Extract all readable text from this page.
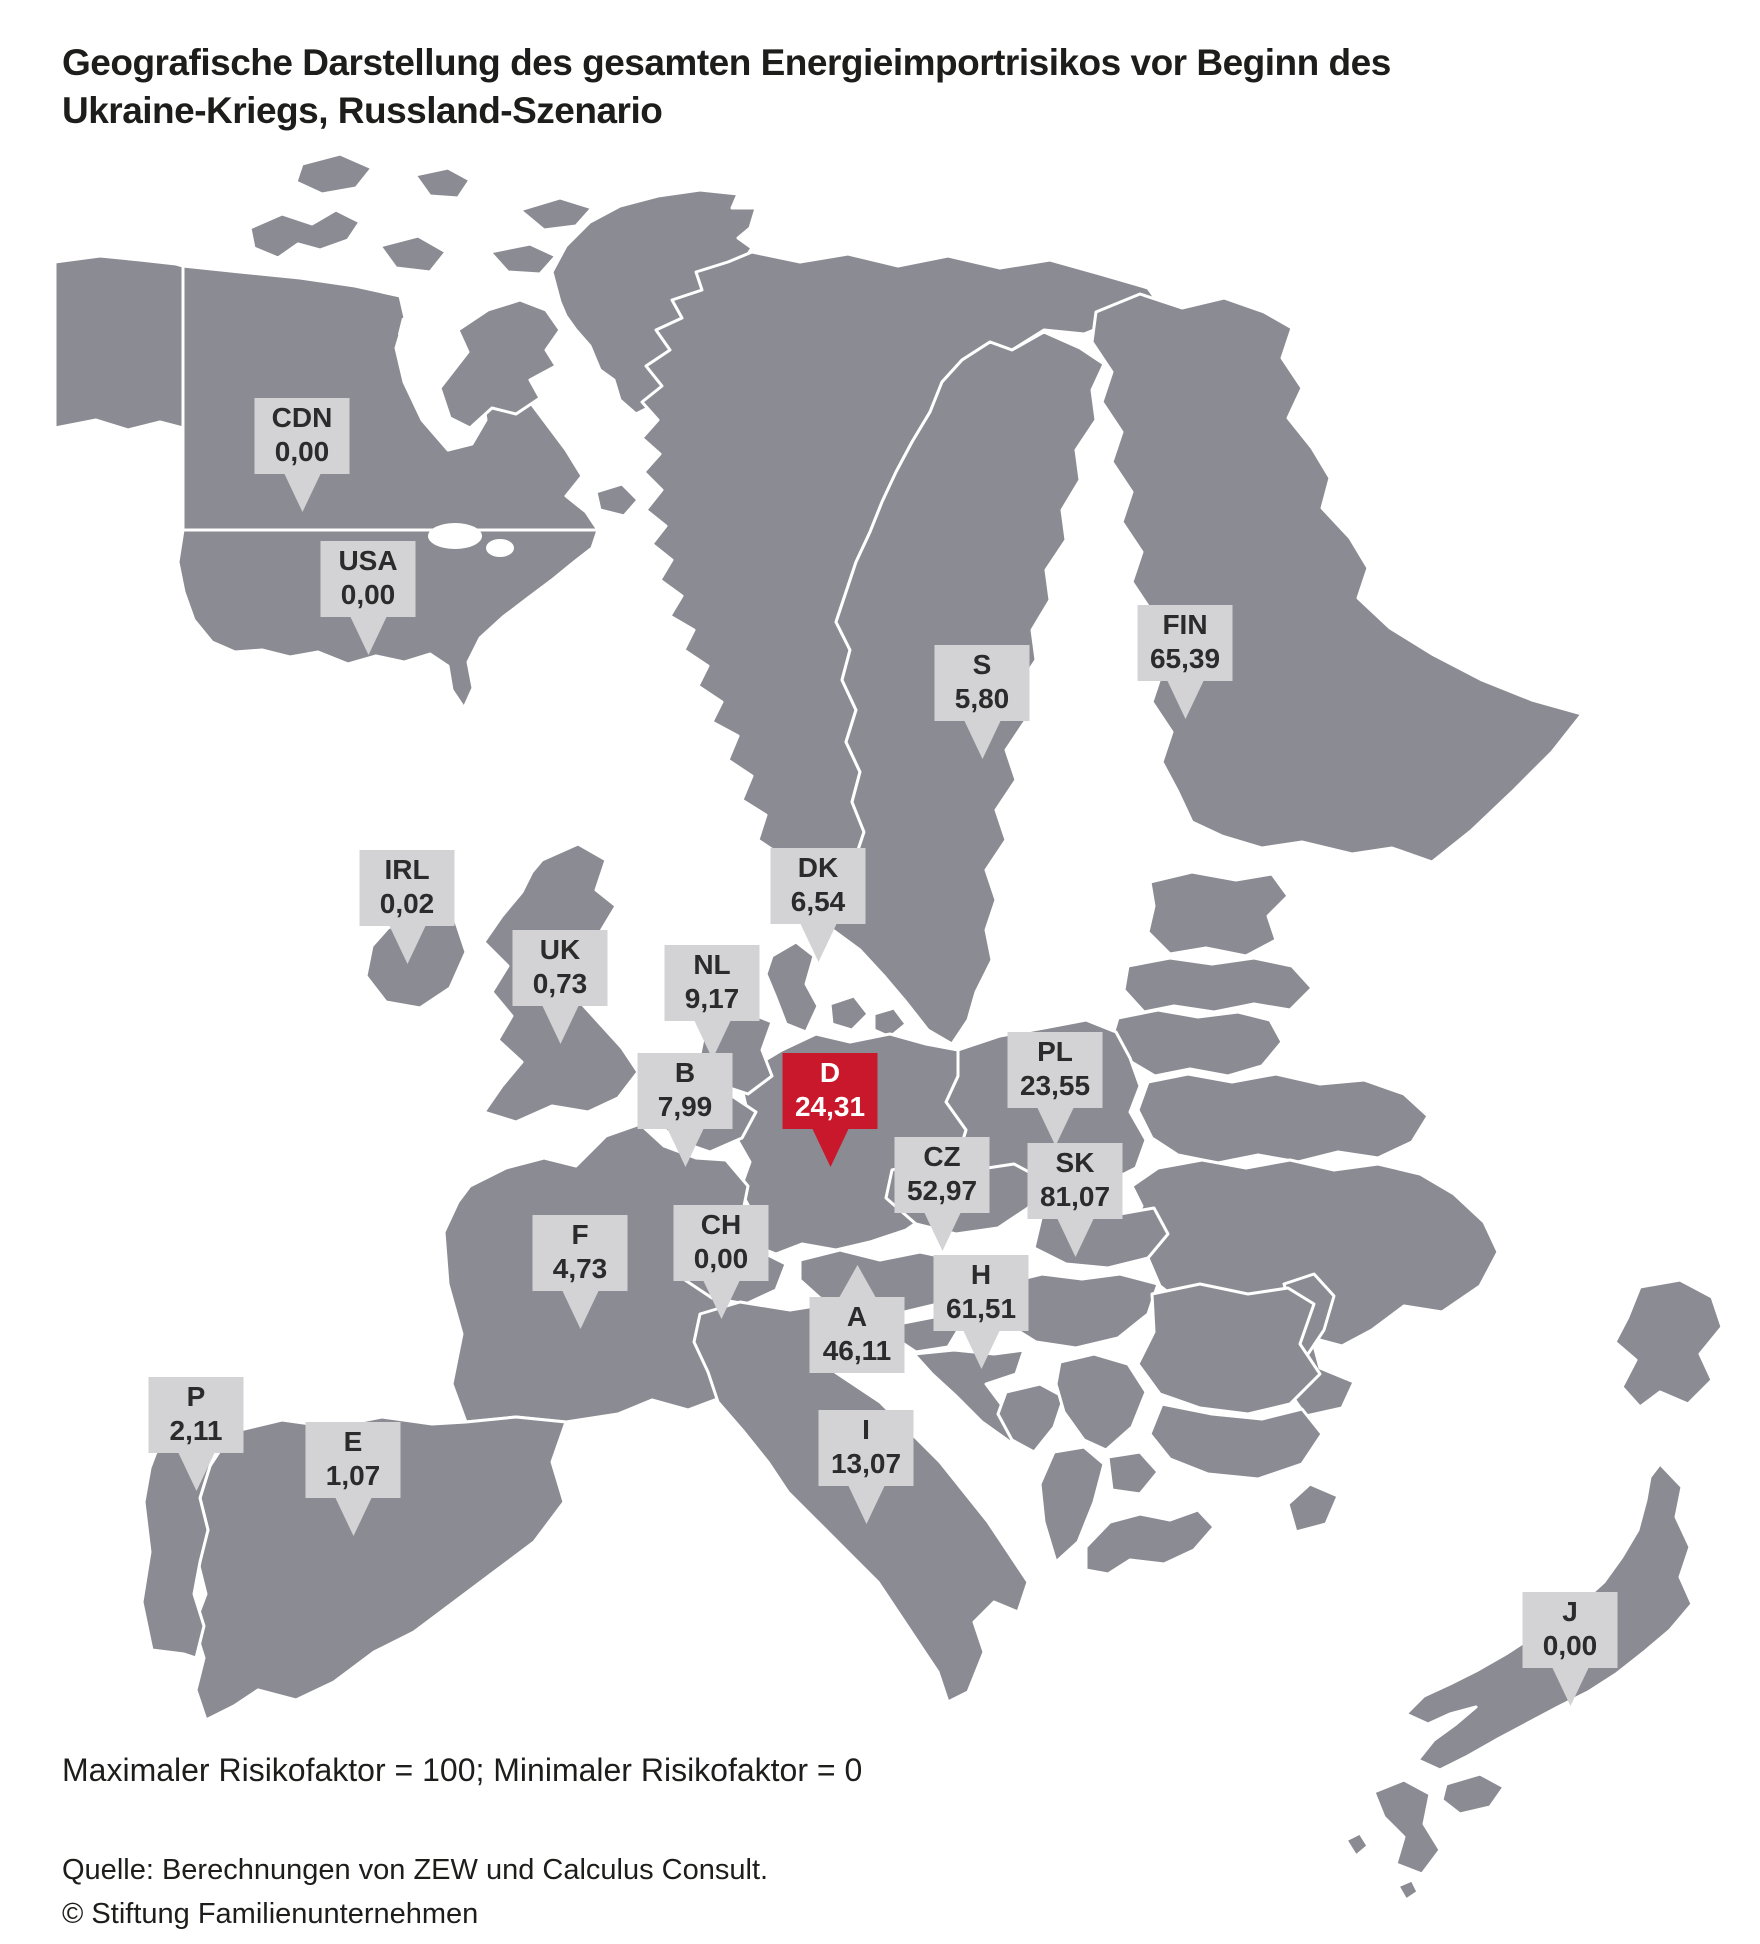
Geografische Darstellung des gesamten Energieimportrisikos vor Beginn des
Ukraine-Kriegs, Russland-Szenario
CDN
0,00
USA
0,00
S
5,80
FIN
65,39
IRL
0,02
UK
0,73
NL
9,17
DK
6,54
B
7,99
D
24,31
PL
23,55
CZ
52,97
SK
81,07
F
4,73
CH
0,00
A
46,11
H
61,51
P
2,11	E
1,07
I
13,07
J
0,00
Maximaler Risikofaktor = 100; Minimaler Risikofaktor = 0
Quelle: Berechnungen von ZEW und Calculus Consult.
© Stiftung Familienunternehmen
